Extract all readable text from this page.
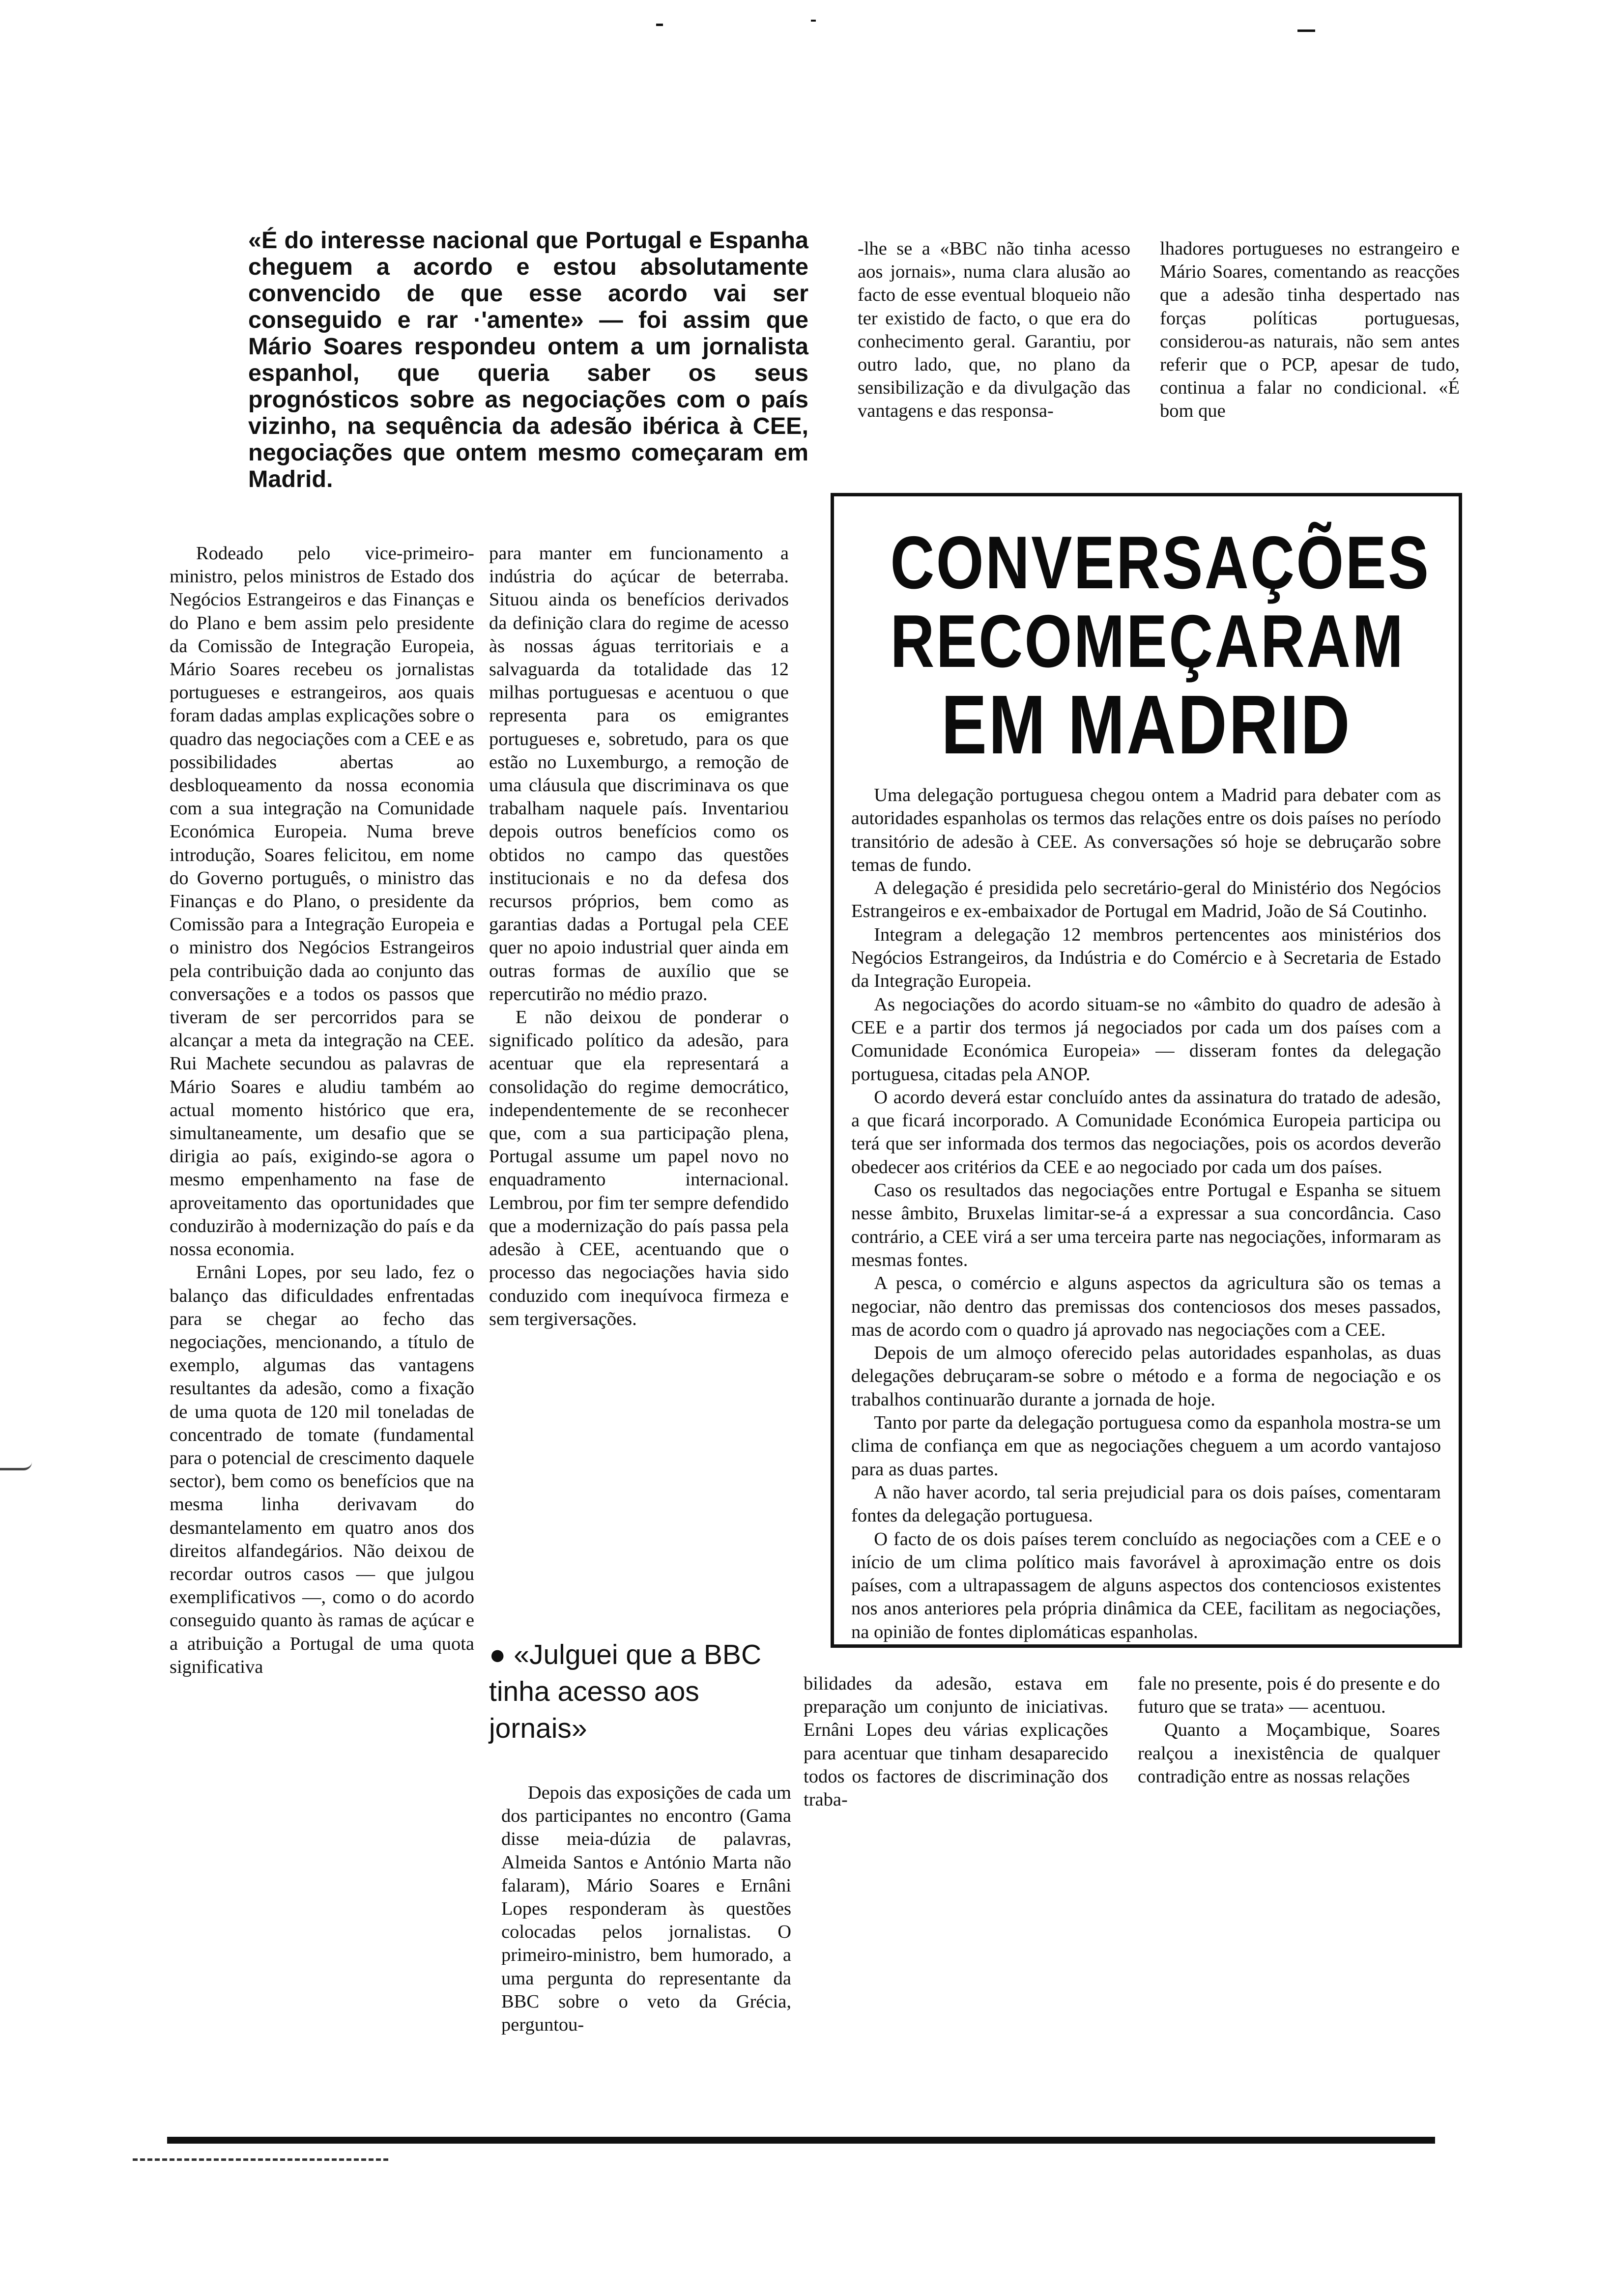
«É do interesse nacional que Portugal e Espanha cheguem a acordo e estou absolutamente convencido de que esse acordo vai ser conseguido e rar ·'amente» — foi assim que Mário Soares respondeu ontem a um jornalista espanhol, que queria saber os seus prognósticos sobre as negociações com o país vizinho, na sequência da adesão ibérica à CEE, negociações que ontem mesmo começaram em Madrid.

Rodeado pelo vice-primeiro-ministro, pelos ministros de Estado dos Negócios Estrangeiros e das Finanças e do Plano e bem assim pelo presidente da Comissão de Integração Europeia, Mário Soares recebeu os jornalistas portugueses e estrangeiros, aos quais foram dadas amplas explicações sobre o quadro das negociações com a CEE e as possibilidades abertas ao desbloqueamento da nossa economia com a sua integração na Comunidade Económica Europeia. Numa breve introdução, Soares felicitou, em nome do Governo português, o ministro das Finanças e do Plano, o presidente da Comissão para a Integração Europeia e o ministro dos Negócios Estrangeiros pela contribuição dada ao conjunto das conversações e a todos os passos que tiveram de ser percorridos para se alcançar a meta da integração na CEE. Rui Machete secundou as palavras de Mário Soares e aludiu também ao actual momento histórico que era, simultaneamente, um desafio que se dirigia ao país, exigindo-se agora o mesmo empenhamento na fase de aproveitamento das oportunidades que conduzirão à modernização do país e da nossa economia.

Ernâni Lopes, por seu lado, fez o balanço das dificuldades enfrentadas para se chegar ao fecho das negociações, mencionando, a título de exemplo, algumas das vantagens resultantes da adesão, como a fixação de uma quota de 120 mil toneladas de concentrado de tomate (fundamental para o potencial de crescimento daquele sector), bem como os benefícios que na mesma linha derivavam do desmantelamento em quatro anos dos direitos alfandegários. Não deixou de recordar outros casos — que julgou exemplificativos —, como o do acordo conseguido quanto às ramas de açúcar e a atribuição a Portugal de uma quota significativa

para manter em funcionamento a indústria do açúcar de beterraba. Situou ainda os benefícios derivados da definição clara do regime de acesso às nossas águas territoriais e a salvaguarda da totalidade das 12 milhas portuguesas e acentuou o que representa para os emigrantes portugueses e, sobretudo, para os que estão no Luxemburgo, a remoção de uma cláusula que discriminava os que trabalham naquele país. Inventariou depois outros benefícios como os obtidos no campo das questões institucionais e no da defesa dos recursos próprios, bem como as garantias dadas a Portugal pela CEE quer no apoio industrial quer ainda em outras formas de auxílio que se repercutirão no médio prazo.

E não deixou de ponderar o significado político da adesão, para acentuar que ela representará a consolidação do regime democrático, independentemente de se reconhecer que, com a sua participação plena, Portugal assume um papel novo no enquadramento internacional. Lembrou, por fim ter sempre defendido que a modernização do país passa pela adesão à CEE, acentuando que o processo das negociações havia sido conduzido com inequívoca firmeza e sem tergiversações.

● «Julguei que a BBC tinha acesso aos jornais»

Depois das exposições de cada um dos participantes no encontro (Gama disse meia-dúzia de palavras, Almeida Santos e António Marta não falaram), Mário Soares e Ernâni Lopes responderam às questões colocadas pelos jornalistas. O primeiro-ministro, bem humorado, a uma pergunta do representante da BBC sobre o veto da Grécia, perguntou-

-lhe se a «BBC não tinha acesso aos jornais», numa clara alusão ao facto de esse eventual bloqueio não ter existido de facto, o que era do conhecimento geral. Garantiu, por outro lado, que, no plano da sensibilização e da divulgação das vantagens e das responsa-
lhadores portugueses no estrangeiro e Mário Soares, comentando as reacções que a adesão tinha despertado nas forças políticas portuguesas, considerou-as naturais, não sem antes referir que o PCP, apesar de tudo, continua a falar no condicional. «É bom que
CONVERSAÇÕES
RECOMEÇARAM
EM MADRID

Uma delegação portuguesa chegou ontem a Madrid para debater com as autoridades espanholas os termos das relações entre os dois países no período transitório de adesão à CEE. As conversações só hoje se debruçarão sobre temas de fundo.

A delegação é presidida pelo secretário-geral do Ministério dos Negócios Estrangeiros e ex-embaixador de Portugal em Madrid, João de Sá Coutinho.

Integram a delegação 12 membros pertencentes aos ministérios dos Negócios Estrangeiros, da Indústria e do Comércio e à Secretaria de Estado da Integração Europeia.

As negociações do acordo situam-se no «âmbito do quadro de adesão à CEE e a partir dos termos já negociados por cada um dos países com a Comunidade Económica Europeia» — disseram fontes da delegação portuguesa, citadas pela ANOP.

O acordo deverá estar concluído antes da assinatura do tratado de adesão, a que ficará incorporado. A Comunidade Económica Europeia participa ou terá que ser informada dos termos das negociações, pois os acordos deverão obedecer aos critérios da CEE e ao negociado por cada um dos países.

Caso os resultados das negociações entre Portugal e Espanha se situem nesse âmbito, Bruxelas limitar-se-á a expressar a sua concordância. Caso contrário, a CEE virá a ser uma terceira parte nas negociações, informaram as mesmas fontes.

A pesca, o comércio e alguns aspectos da agricultura são os temas a negociar, não dentro das premissas dos contenciosos dos meses passados, mas de acordo com o quadro já aprovado nas negociações com a CEE.

Depois de um almoço oferecido pelas autoridades espanholas, as duas delegações debruçaram-se sobre o método e a forma de negociação e os trabalhos continuarão durante a jornada de hoje.

Tanto por parte da delegação portuguesa como da espanhola mostra-se um clima de confiança em que as negociações cheguem a um acordo vantajoso para as duas partes.

A não haver acordo, tal seria prejudicial para os dois países, comentaram fontes da delegação portuguesa.

O facto de os dois países terem concluído as negociações com a CEE e o início de um clima político mais favorável à aproximação entre os dois países, com a ultrapassagem de alguns aspectos dos contenciosos existentes nos anos anteriores pela própria dinâmica da CEE, facilitam as negociações, na opinião de fontes diplomáticas espanholas.

bilidades da adesão, estava em preparação um conjunto de iniciativas. Ernâni Lopes deu várias explicações para acentuar que tinham desaparecido todos os factores de discriminação dos traba-

fale no presente, pois é do presente e do futuro que se trata» — acentuou.

Quanto a Moçambique, Soares realçou a inexistência de qualquer contradição entre as nossas relações
